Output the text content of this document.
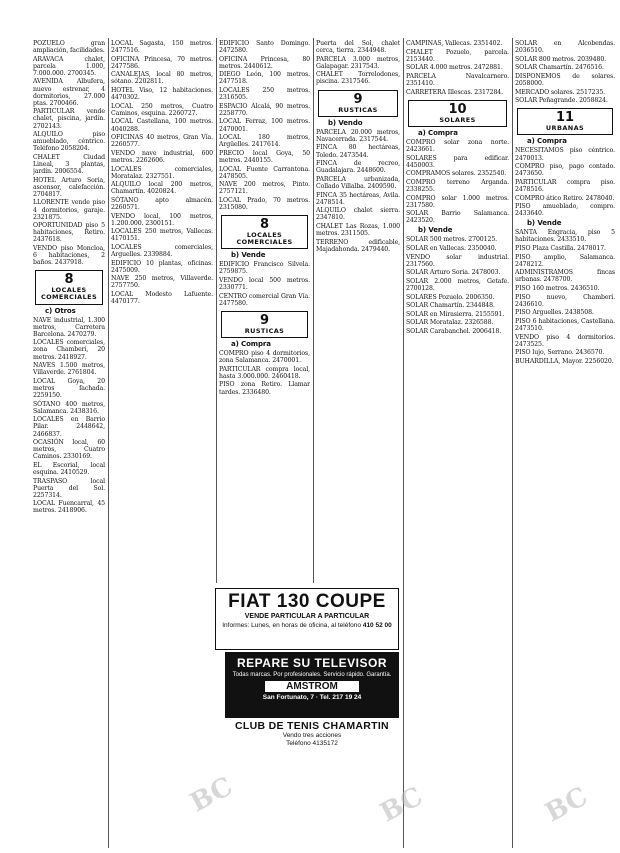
POZUELO gran ampliación, facilidades.

ARAVACA chalet, parcela 1.000, 7.000.000. 2700345.

AVENIDA Albufera, nuevo estrenar, 4 dormitorios, 27.000 ptas. 2700466.

PARTICULAR vende chalet, piscina, jardín. 2702143.

ALQUILO piso amueblado, céntrico. Teléfono 2058204.

CHALET Ciudad Lineal, 3 plantas, jardín. 2006554.

HOTEL Arturo Soria, ascensor, calefacción. 2704817.

LLORENTE vende piso 4 dormitorios, garaje. 2321875.

OPORTUNIDAD piso 5 habitaciones, Retiro. 2437618.

VENDO piso Moncloa, 6 habitaciones, 2 baños. 2437918.

8
LOCALES COMERCIALES
c) Otros

NAVE industrial, 1.300 metros, Carretera Barcelona. 2470279.

LOCALES comerciales, zona Chamberí, 20 metros. 2418927.

NAVES 1.500 metros, Villaverde. 2761804.

LOCAL Goya, 20 metros fachada. 2259150.

SÓTANO 400 metros, Salamanca. 2438316.

LOCALES en Barrio Pilar. 2448642, 2466837.

OCASIÓN local, 60 metros, Cuatro Caminos. 2330169.

EL Escorial, local esquina. 2410529.

TRASPASO local Puerta del Sol. 2257314.

LOCAL Fuencarral, 45 metros. 2418906.

LOCAL Sagasta, 150 metros. 2477516.

OFICINA Princesa, 70 metros. 2477586.

CANALEJAS, local 80 metros, sótano. 2202811.

HOTEL Viso, 12 habitaciones. 4470302.

LOCAL 250 metros, Cuatro Caminos, esquina. 2260727.

LOCAL Castellana, 100 metros. 4040288.

OFICINAS 40 metros, Gran Vía. 2260577.

VENDO nave industrial, 600 metros. 2262606.

LOCALES comerciales, Moratalaz. 2327551.

ALQUILO local 200 metros, Chamartín. 4020824.

SÓTANO apto almacén. 2260571.

VENDO local, 100 metros, 1.200.000. 2300151.

LOCALES 250 metros, Vallecas. 4170151.

LOCALES comerciales, Arguelles. 2339884.

EDIFICIO 10 plantas, oficinas. 2475009.

NAVE 250 metros, Villaverde. 2757750.

LOCAL Modesto Lafuente. 4470177.

EDIFICIO Santo Domingo. 2472580.

OFICINA Princesa, 80 metros. 2440612.

DIEGO León, 100 metros. 2477518.

LOCALES 250 metros. 2316505.

ESPACIO Alcalá, 90 metros. 2258770.

LOCAL Ferraz, 100 metros. 2470001.

LOCAL 180 metros, Argüelles. 2417614.

PRECIO local Goya, 50 metros. 2440155.

LOCAL Fuente Carrantona. 2478505.

NAVE 200 metros, Pinto. 2757121.

LOCAL Prado, 70 metros. 2315080.

8
LOCALES COMERCIALES
b) Vende

EDIFICIO Francisco Silvela. 2759875.

VENDO local 500 metros. 2330771.

CENTRO comercial Gran Vía. 2477580.

9
RUSTICAS
a) Compra

COMPRO piso 4 dormitorios, zona Salamanca. 2470001.

PARTICULAR compra local, hasta 3.000.000. 2460418.

PISO zona Retiro. Llamar tardes. 2336480.

Puerta del Sol, chalet cerca, tierra. 2344948.

PARCELA 3.000 metros, Galapagar. 2317543.

CHALET Torrelodones, piscina. 2317546.

9
RUSTICAS
b) Vendo

PARCELA 20.000 metros, Navacerrada. 2317544.

FINCA 80 hectáreas, Toledo. 2473544.

FINCA de recreo, Guadalajara. 2448600.

PARCELA urbanizada, Collado Villalba. 2409590.

FINCA 35 hectáreas, Avila. 2478514.

ALQUILO chalet sierra. 2347810.

CHALET Las Rozas, 1.000 metros. 2311505.

TERRENO edificable, Majadahonda. 2479440.

CAMPINAS, Vallecas. 2351402.

CHALET Pozuelo, parcela. 2153440.

SOLAR 4.000 metros. 2472881.

PARCELA Navalcarnero. 2351410.

CARRETERA Illescas. 2317284.

10
SOLARES
a) Compra

COMPRO solar zona norte. 2423661.

SOLARES para edificar. 4450003.

COMPRAMOS solares. 2352540.

COMPRO terreno Arganda. 2338255.

COMPRO solar 1.000 metros. 2317580.

SOLAR Barrio Salamanca. 2423520.

b) Vende

SOLAR 500 metros. 2700125.

SOLAR en Vallecas. 2350040.

VENDO solar industrial. 2317560.

SOLAR Arturo Soria. 2478003.

SOLAR 2.000 metros, Getafe. 2700128.

SOLARES Pozuelo. 2006350.

SOLAR Chamartín. 2344848.

SOLAR en Mirasierra. 2155591.

SOLAR Moratalaz. 2326588.

SOLAR Carabanchel. 2006418.

SOLAR en Alcobendas. 2036510.

SOLAR 800 metros. 2039480.

SOLAR Chamartín. 2476516.

DISPONEMOS de solares. 2058000.

MERCADO solares. 2517235.

SOLAR Peñagrande. 2058824.

11
URBANAS
a) Compra

NECESITAMOS piso céntrico. 2470013.

COMPRO piso, pago contado. 2473650.

PARTICULAR compra piso. 2478516.

COMPRO ático Retiro. 2478040.

PISO amueblado, compro. 2433640.

b) Vende

SANTA Engracia, piso 5 habitaciones. 2433510.

PISO Plaza Castilla. 2478017.

PISO amplio, Salamanca. 2478212.

ADMINISTRAMOS fincas urbanas. 2478700.

PISO 160 metros. 2436510.

PISO nuevo, Chamberí. 2436610.

PISO Arguelles. 2438508.

PISO 6 habitaciones, Castellana. 2473510.

VENDO piso 4 dormitorios. 2473525.

PISO lujo, Serrano. 2436570.

BUHARDILLA, Mayor. 2256020.

FIAT 130 COUPE
VENDE PARTICULAR A PARTICULAR
Informes: Lunes, en horas de oficina, al teléfono 410 52 00
REPARE SU TELEVISOR
Todas marcas. Por profesionales. Servicio rápido. Garantía.
AMSTROM
San Fortunato, 7 · Tel. 217 19 24
CLUB DE TENIS CHAMARTIN
Vendo tres acciones
Teléfono 4135172
BC	BC	BC
